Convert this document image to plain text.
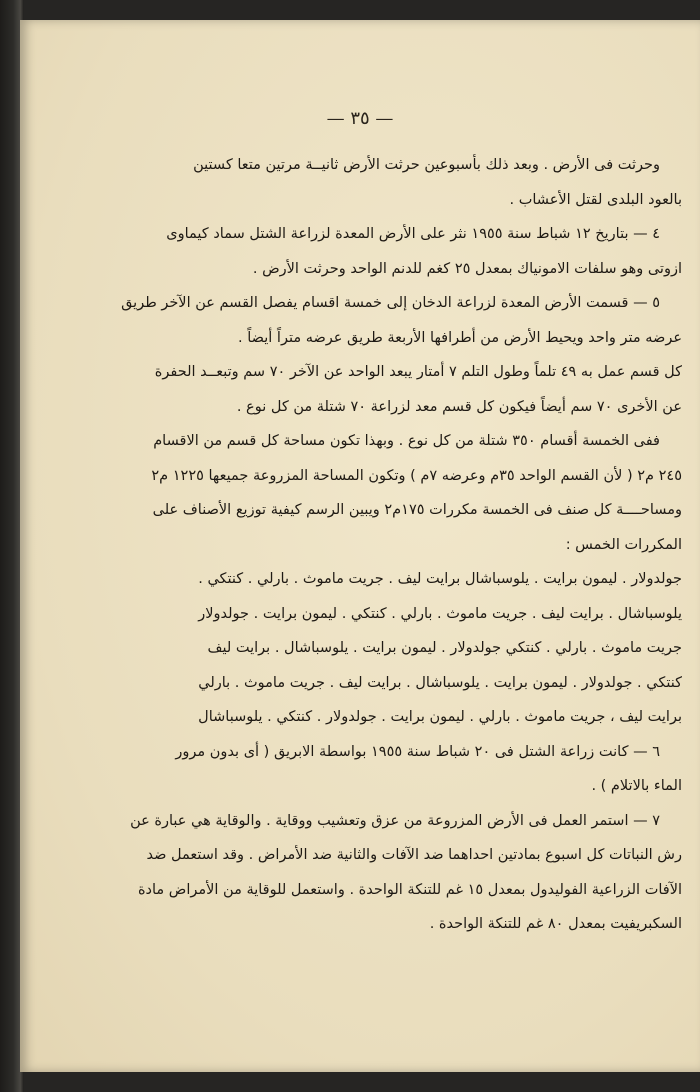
— ٣٥ —
وحرثت فى الأرض . وبعد ذلك بأسبوعين حرثت الأرض ثانيــة مرتين متعا كستين
بالعود البلدى لقتل الأعشاب .
٤ — بتاريخ ١٢ شباط سنة ١٩٥٥ نثر على الأرض المعدة لزراعة الشتل سماد كيماوى
ازوتى وهو سلفات الامونياك بمعدل ٢٥ كغم للدنم الواحد وحرثت الأرض .
٥ — قسمت الأرض المعدة لزراعة الدخان إلى خمسة اقسام يفصل القسم عن الآخر طريق
عرضه متر واحد ويحيط الأرض من أطرافها الأربعة طريق عرضه متراً أيضاً .
كل قسم عمل به ٤٩ تلماً وطول التلم ٧ أمتار يبعد الواحد عن الآخر ٧٠ سم وتبعــد الحفرة
عن الأخرى ٧٠ سم أيضاً فيكون كل قسم معد لزراعة ٧٠ شتلة من كل نوع .
ففى الخمسة أقسام ٣٥٠ شتلة من كل نوع . وبهذا تكون مساحة كل قسم من الاقسام
٢٤٥ م٢ ( لأن القسم الواحد ٣٥م وعرضه ٧م ) وتكون المساحة المزروعة جميعها ١٢٢٥ م٢
ومساحــــة كل صنف فى الخمسة مكررات ١٧٥م٢ ويبين الرسم كيفية توزيع الأصناف على
المكررات الخمس :
جولدولار . ليمون برايت . يلوسباشال برايت ليف . جريت ماموث . بارلي . كنتكي .
يلوسباشال . برايت ليف . جريت ماموث . بارلي . كنتكي . ليمون برايت . جولدولار
جريت ماموث . بارلي . كنتكي جولدولار . ليمون برايت . يلوسباشال . برايت ليف
كنتكي . جولدولار . ليمون برايت . يلوسباشال . برايت ليف . جريت ماموث . بارلي
برايت ليف ، جريت ماموث . بارلي . ليمون برايت . جولدولار . كنتكي . يلوسباشال
٦ — كانت زراعة الشتل فى ٢٠ شباط سنة ١٩٥٥ بواسطة الابريق ( أى بدون مرور
الماء بالاتلام ) .
٧ — استمر العمل فى الأرض المزروعة من عزق وتعشيب ووقاية . والوقاية هي عبارة عن
رش النباتات كل اسبوع بمادتين احداهما ضد الآفات والثانية ضد الأمراض . وقد استعمل ضد
الآفات الزراعية الفوليدول بمعدل ١٥ غم للتنكة الواحدة . واستعمل للوقاية من الأمراض مادة
السكبريفيت بمعدل ٨٠ غم للتنكة الواحدة .
